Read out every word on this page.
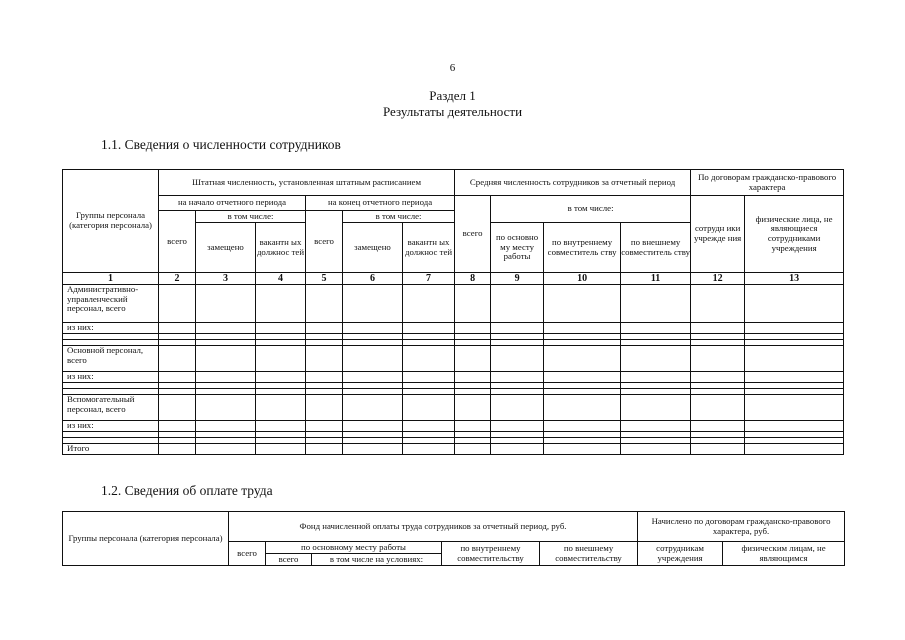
6
Раздел 1
Результаты деятельности
1.1. Сведения о численности сотрудников
Группы персонала (категория персонала)	Штатная численность, установленная штатным расписанием						Средняя численность сотрудников за отчетный период				По договорам гражданско-правового характера	
	на начало отчетного периода			на конец отчетного периода			всего	в том числе:			сотрудн ики учрежде ния	физические лица, не являющиеся сотрудниками учреждения
	всего	в том числе:		всего	в том числе:							
		замещено	вакантн ых должнос тей		замещено	вакантн ых должнос тей		по основно му месту работы	по внутреннему совместитель ству	по внешнему совместитель ству		
1	2	3	4	5	6	7	8	9	10	11	12	13
Административно-управленческий персонал, всего												
из них:												

Основной персонал, всего												
из них:												

Вспомогательный персонал, всего												
из них:												

Итого												
1.2. Сведения об оплате труда
Группы персонала (категория персонала)	Фонд начисленной оплаты труда сотрудников за отчетный период, руб.					Начислено по договорам гражданско-правового характера, руб.	
	всего	по основному месту работы		по внутреннему совместительству	по внешнему совместительству	сотрудникам учреждения	физическим лицам, не являющимся
		всего	в том числе на условиях:				
